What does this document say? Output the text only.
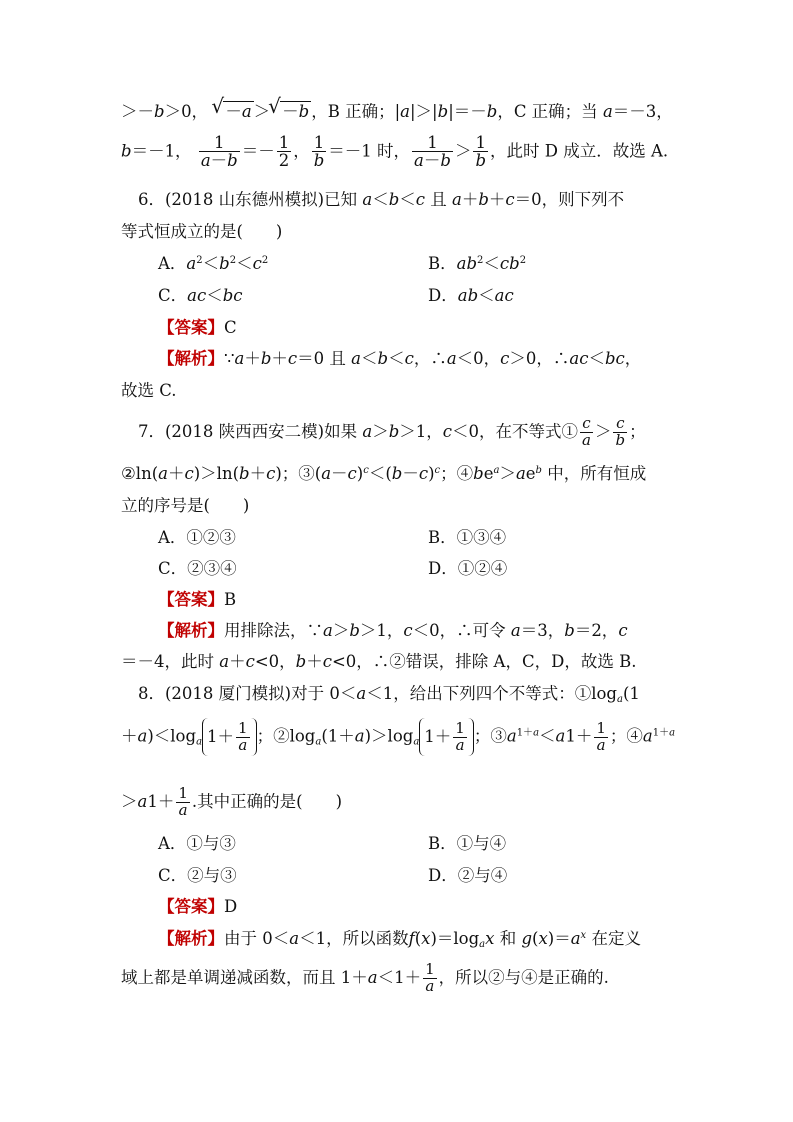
＞－b＞0， √ －a ＞
√ －b ，B 正确；|a|＞|b|＝－b，C 正确；当 a＝－3，
b＝－1， $\frac{1}{a-b} =- \frac{1}{2}$ ， $\frac{1}{b} =-1$ 时， $\frac{1}{a-b} > \frac{1}{b}$ ，此时 D 成立．故选 A.
6．(2018 山东德州模拟)已知 a＜b＜c 且 a＋b＋c＝0，则下列不
等式恒成立的是(　　)
A．$a^2<b^2<c^2$	B．$ab^2<cb^2$
C．ac＜bc	D．ab＜ac
【答案】C
【解析】∵a＋b＋c＝0 且 a＜b＜c，∴a＜0，c＞0，∴ac＜bc，
故选 C.
7．(2018 陕西西安二模)如果 a＞b＞1，c＜0，在不等式① $\frac{c}{a} > \frac{c}{b}$ ；
②ln(a＋c)＞ln(b＋c)；$③(a-c)^c<(b-c)^c$；$④be^a>ae^b$ 中，所有恒成
立的序号是(　　)
A．①②③	B．①③④
C．②③④	D．①②④
【答案】B
【解析】用排除法，∵a＞b＞1，c＜0，∴可令 a＝3，b＝2，c
＝－4，此时 a＋c<0，b＋c<0，∴②错误，排除 A，C，D，故选 B.
8．(2018 厦门模拟)对于 0＜a＜1，给出下列四个不等式：$①\log_a(1$
$+a)<\log_a$ $1+ \frac{1}{a}$ ；$②\log_a(1+a)>\log_a$ $1+ \frac{1}{a}$ ；$③a^{1+a}<a1+ \frac{1}{a}$ ；$④a^{1+a}$
$>a1+ \frac{1}{a}$ .其中正确的是(　　)
A．①与③	B．①与④
C．②与③	D．②与④
【答案】D
【解析】由于 0＜a＜1，所以函数$f(x)=\log_ax$ 和 $g(x)=a^x$ 在定义
域上都是单调递减函数，而且 $1+a<1+ \frac{1}{a}$ ，所以②与④是正确的.
